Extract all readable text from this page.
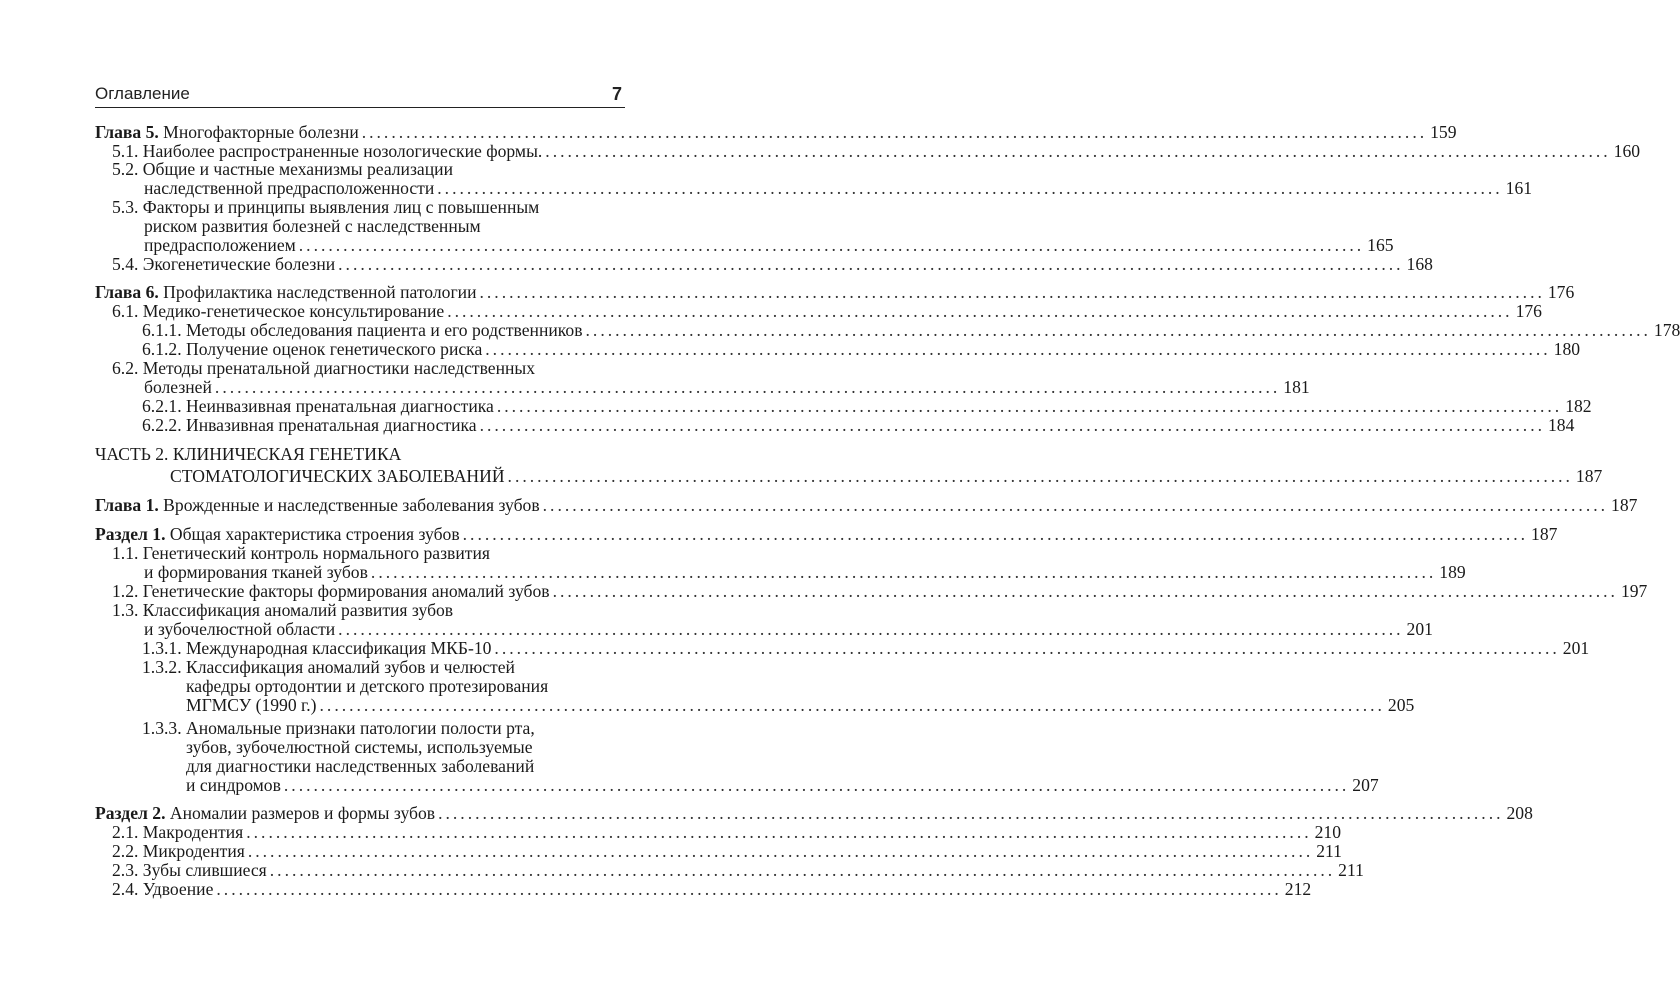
Оглавление	7
Глава 5. Многофакторные болезни ................................................................................................................................................ 159
5.1. Наиболее распространенные нозологические формы. ................................................................................................................................................ 160
5.2. Общие и частные механизмы реализации
наследственной предрасположенности ................................................................................................................................................ 161
5.3. Факторы и принципы выявления лиц с повышенным
риском развития болезней с наследственным
предрасположением ................................................................................................................................................ 165
5.4. Экогенетические болезни ................................................................................................................................................ 168
Глава 6. Профилактика наследственной патологии ................................................................................................................................................ 176
6.1. Медико-генетическое консультирование ................................................................................................................................................ 176
6.1.1. Методы обследования пациента и его родственников ................................................................................................................................................ 178
6.1.2. Получение оценок генетического риска ................................................................................................................................................ 180
6.2. Методы пренатальной диагностики наследственных
болезней ................................................................................................................................................ 181
6.2.1. Неинвазивная пренатальная диагностика ................................................................................................................................................ 182
6.2.2. Инвазивная пренатальная диагностика ................................................................................................................................................ 184
ЧАСТЬ 2. КЛИНИЧЕСКАЯ ГЕНЕТИКА
СТОМАТОЛОГИЧЕСКИХ ЗАБОЛЕВАНИЙ ................................................................................................................................................ 187
Глава 1. Врожденные и наследственные заболевания зубов ................................................................................................................................................ 187
Раздел 1. Общая характеристика строения зубов ................................................................................................................................................ 187
1.1. Генетический контроль нормального развития
и формирования тканей зубов ................................................................................................................................................ 189
1.2. Генетические факторы формирования аномалий зубов ................................................................................................................................................ 197
1.3. Классификация аномалий развития зубов
и зубочелюстной области ................................................................................................................................................ 201
1.3.1. Международная классификация МКБ-10 ................................................................................................................................................ 201
1.3.2. Классификация аномалий зубов и челюстей
кафедры ортодонтии и детского протезирования
МГМСУ (1990 г.) ................................................................................................................................................ 205
1.3.3. Аномальные признаки патологии полости рта,
зубов, зубочелюстной системы, используемые
для диагностики наследственных заболеваний
и синдромов ................................................................................................................................................ 207
Раздел 2. Аномалии размеров и формы зубов ................................................................................................................................................ 208
2.1. Макродентия ................................................................................................................................................ 210
2.2. Микродентия ................................................................................................................................................ 211
2.3. Зубы слившиеся ................................................................................................................................................ 211
2.4. Удвоение ................................................................................................................................................ 212
